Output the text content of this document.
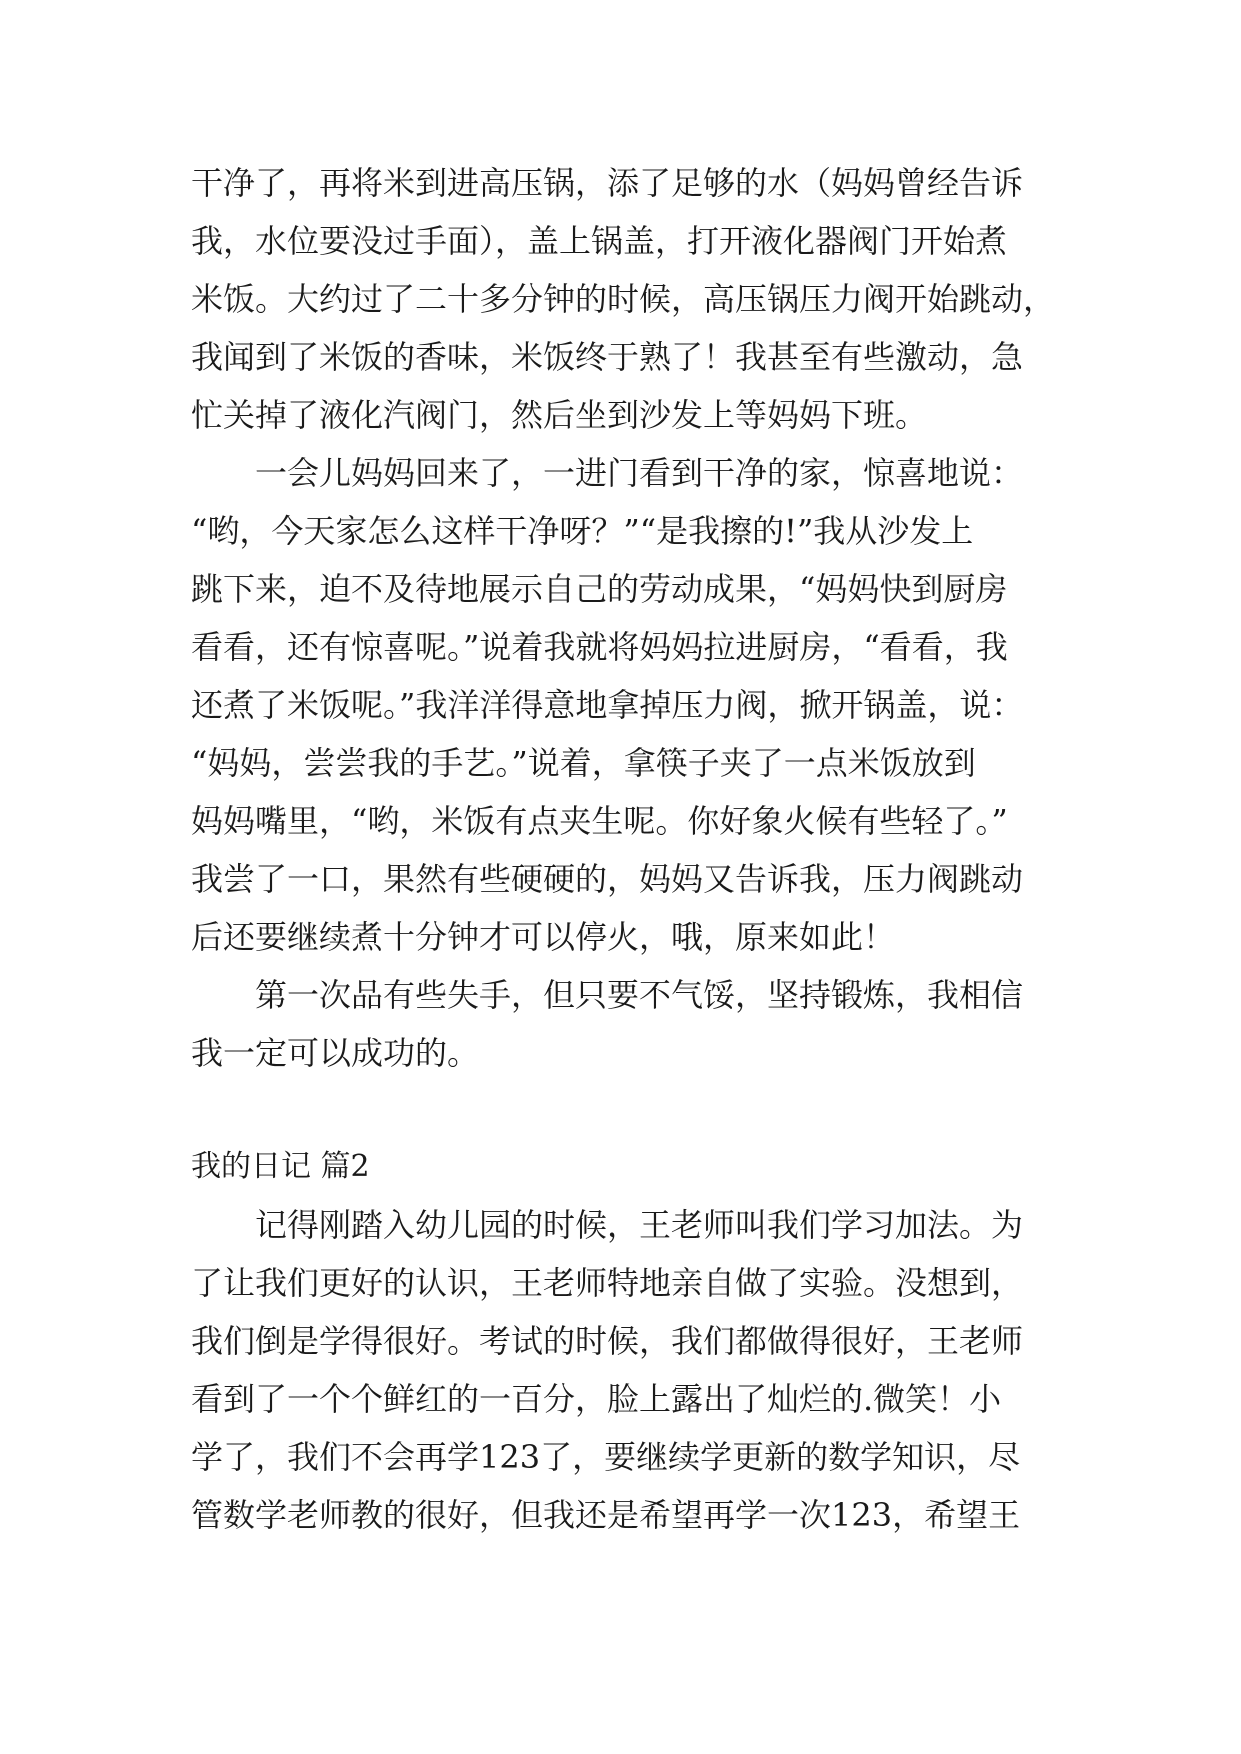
干净了，再将米到进高压锅，添了足够的水（妈妈曾经告诉
我，水位要没过手面），盖上锅盖，打开液化器阀门开始煮
米饭。大约过了二十多分钟的时候，高压锅压力阀开始跳动，
我闻到了米饭的香味，米饭终于熟了！我甚至有些激动，急
忙关掉了液化汽阀门，然后坐到沙发上等妈妈下班。
一会儿妈妈回来了，一进门看到干净的家，惊喜地说：
“哟，今天家怎么这样干净呀？”“是我擦的!”我从沙发上
跳下来，迫不及待地展示自己的劳动成果，“妈妈快到厨房
看看，还有惊喜呢。”说着我就将妈妈拉进厨房，“看看，我
还煮了米饭呢。”我洋洋得意地拿掉压力阀，掀开锅盖，说：
“妈妈，尝尝我的手艺。”说着，拿筷子夹了一点米饭放到
妈妈嘴里，“哟，米饭有点夹生呢。你好象火候有些轻了。”
我尝了一口，果然有些硬硬的，妈妈又告诉我，压力阀跳动
后还要继续煮十分钟才可以停火，哦，原来如此！
第一次品有些失手，但只要不气馁，坚持锻炼，我相信
我一定可以成功的。
我的日记 篇2
记得刚踏入幼儿园的时候，王老师叫我们学习加法。为
了让我们更好的认识，王老师特地亲自做了实验。没想到，
我们倒是学得很好。考试的时候，我们都做得很好，王老师
看到了一个个鲜红的一百分，脸上露出了灿烂的.微笑！小
学了，我们不会再学123了，要继续学更新的数学知识，尽
管数学老师教的很好，但我还是希望再学一次123，希望王
